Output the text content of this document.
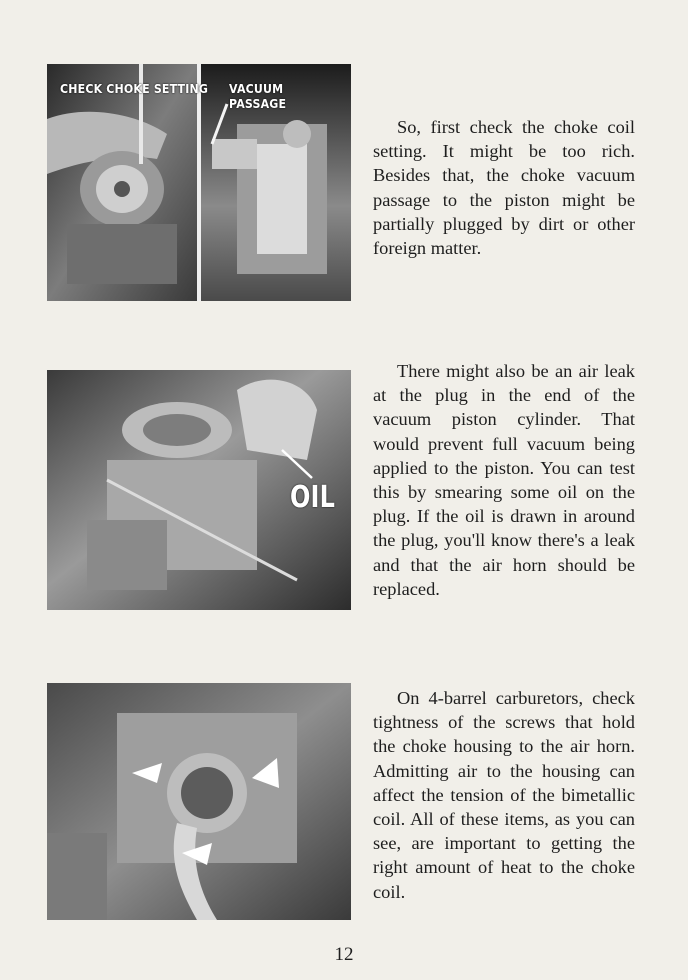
CHECK CHOKE SETTING VACUUM PASSAGE

So, first check the choke coil setting. It might be too rich. Besides that, the choke vacuum passage to the piston might be partially plugged by dirt or other foreign matter.

OIL

There might also be an air leak at the plug in the end of the vacuum piston cylinder. That would prevent full vacuum being applied to the piston. You can test this by smearing some oil on the plug. If the oil is drawn in around the plug, you'll know there's a leak and that the air horn should be replaced.

On 4-barrel carburetors, check tightness of the screws that hold the choke housing to the air horn. Admitting air to the housing can affect the tension of the bimetallic coil. All of these items, as you can see, are important to getting the right amount of heat to the choke coil.

12
